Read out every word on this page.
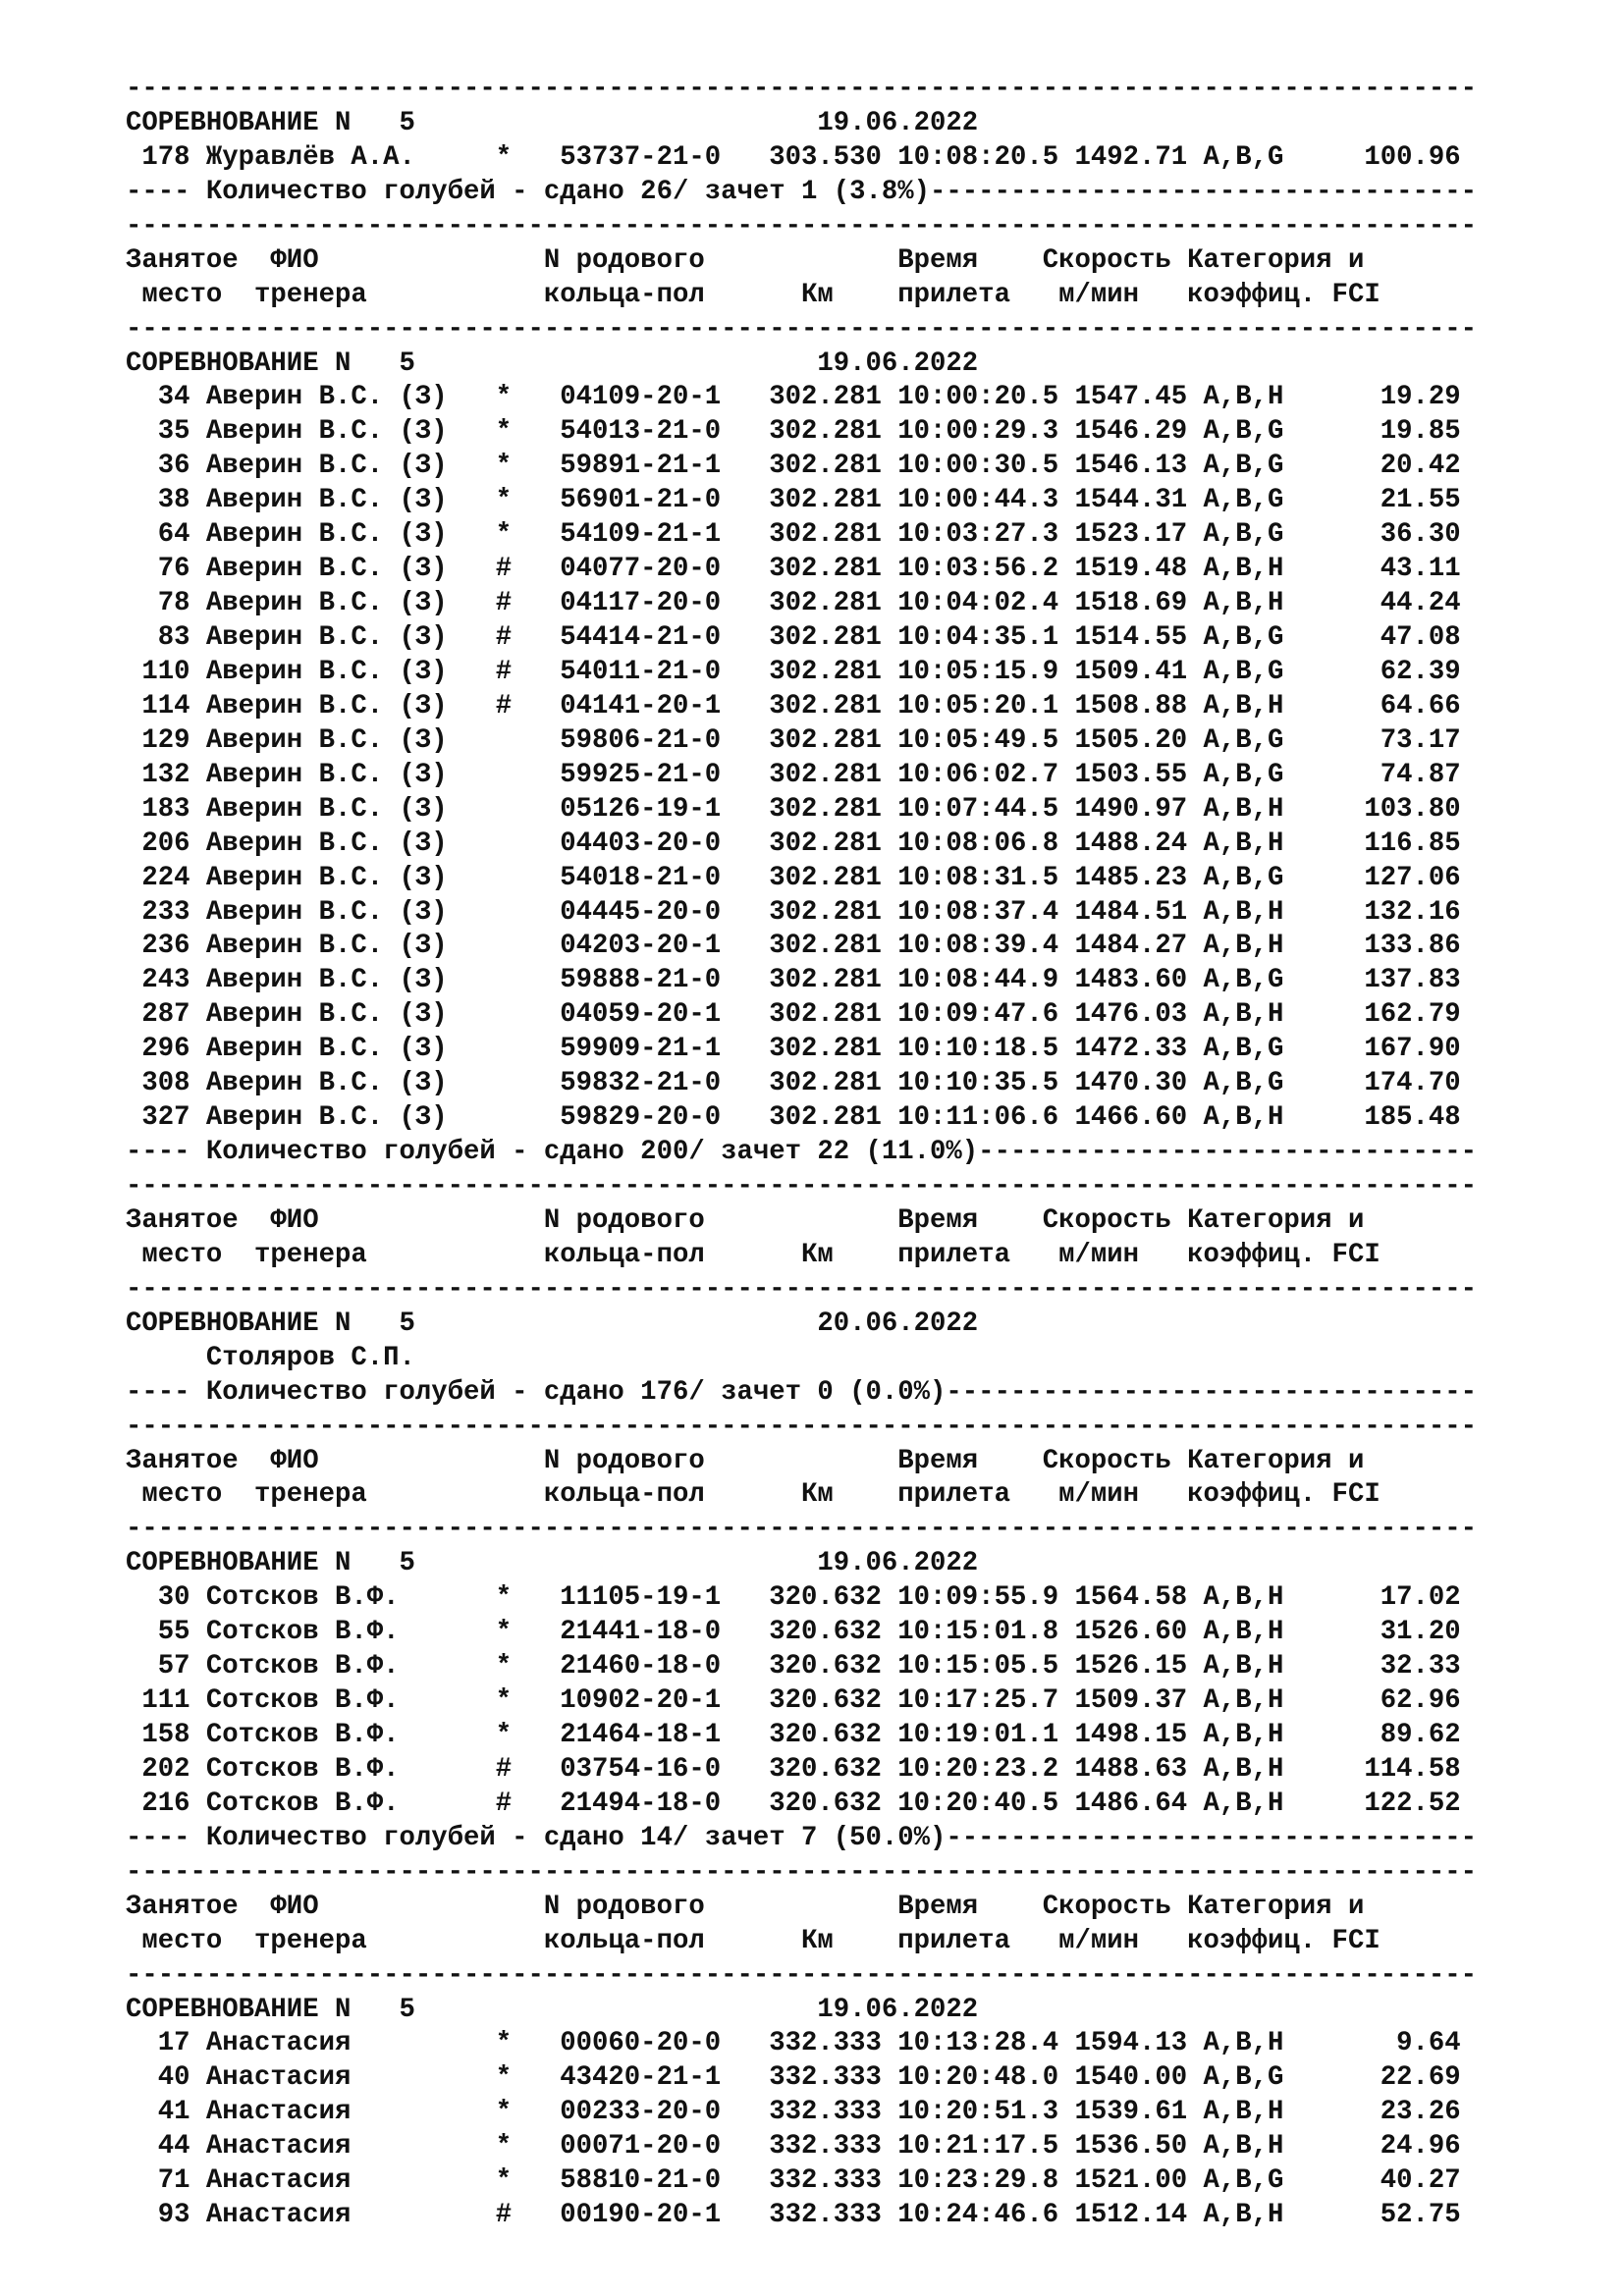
------------------------------------------------------------------------------------
СОРЕВНОВАНИЕ N   5                         19.06.2022
178 Журавлёв А.А.     *   53737-21-0   303.530 10:08:20.5 1492.71 A,B,G     100.96
---- Количество голубей - сдано 26/ зачет 1 (3.8%)----------------------------------
------------------------------------------------------------------------------------
Занятое  ФИО              N родового            Время    Скорость Категория и
место  тренера           кольца-пол      Км    прилета   м/мин   коэффиц. FCI
------------------------------------------------------------------------------------
СОРЕВНОВАНИЕ N   5                         19.06.2022
34 Аверин В.С. (З)   *   04109-20-1   302.281 10:00:20.5 1547.45 A,B,H      19.29
35 Аверин В.С. (З)   *   54013-21-0   302.281 10:00:29.3 1546.29 A,B,G      19.85
36 Аверин В.С. (З)   *   59891-21-1   302.281 10:00:30.5 1546.13 A,B,G      20.42
38 Аверин В.С. (З)   *   56901-21-0   302.281 10:00:44.3 1544.31 A,B,G      21.55
64 Аверин В.С. (З)   *   54109-21-1   302.281 10:03:27.3 1523.17 A,B,G      36.30
76 Аверин В.С. (З)   #   04077-20-0   302.281 10:03:56.2 1519.48 A,B,H      43.11
78 Аверин В.С. (З)   #   04117-20-0   302.281 10:04:02.4 1518.69 A,B,H      44.24
83 Аверин В.С. (З)   #   54414-21-0   302.281 10:04:35.1 1514.55 A,B,G      47.08
110 Аверин В.С. (З)   #   54011-21-0   302.281 10:05:15.9 1509.41 A,B,G      62.39
114 Аверин В.С. (З)   #   04141-20-1   302.281 10:05:20.1 1508.88 A,B,H      64.66
129 Аверин В.С. (З)       59806-21-0   302.281 10:05:49.5 1505.20 A,B,G      73.17
132 Аверин В.С. (З)       59925-21-0   302.281 10:06:02.7 1503.55 A,B,G      74.87
183 Аверин В.С. (З)       05126-19-1   302.281 10:07:44.5 1490.97 A,B,H     103.80
206 Аверин В.С. (З)       04403-20-0   302.281 10:08:06.8 1488.24 A,B,H     116.85
224 Аверин В.С. (З)       54018-21-0   302.281 10:08:31.5 1485.23 A,B,G     127.06
233 Аверин В.С. (З)       04445-20-0   302.281 10:08:37.4 1484.51 A,B,H     132.16
236 Аверин В.С. (З)       04203-20-1   302.281 10:08:39.4 1484.27 A,B,H     133.86
243 Аверин В.С. (З)       59888-21-0   302.281 10:08:44.9 1483.60 A,B,G     137.83
287 Аверин В.С. (З)       04059-20-1   302.281 10:09:47.6 1476.03 A,B,H     162.79
296 Аверин В.С. (З)       59909-21-1   302.281 10:10:18.5 1472.33 A,B,G     167.90
308 Аверин В.С. (З)       59832-21-0   302.281 10:10:35.5 1470.30 A,B,G     174.70
327 Аверин В.С. (З)       59829-20-0   302.281 10:11:06.6 1466.60 A,B,H     185.48
---- Количество голубей - сдано 200/ зачет 22 (11.0%)-------------------------------
------------------------------------------------------------------------------------
Занятое  ФИО              N родового            Время    Скорость Категория и
место  тренера           кольца-пол      Км    прилета   м/мин   коэффиц. FCI
------------------------------------------------------------------------------------
СОРЕВНОВАНИЕ N   5                         20.06.2022
Столяров С.П.
---- Количество голубей - сдано 176/ зачет 0 (0.0%)---------------------------------
------------------------------------------------------------------------------------
Занятое  ФИО              N родового            Время    Скорость Категория и
место  тренера           кольца-пол      Км    прилета   м/мин   коэффиц. FCI
------------------------------------------------------------------------------------
СОРЕВНОВАНИЕ N   5                         19.06.2022
30 Сотсков В.Ф.      *   11105-19-1   320.632 10:09:55.9 1564.58 A,B,H      17.02
55 Сотсков В.Ф.      *   21441-18-0   320.632 10:15:01.8 1526.60 A,B,H      31.20
57 Сотсков В.Ф.      *   21460-18-0   320.632 10:15:05.5 1526.15 A,B,H      32.33
111 Сотсков В.Ф.      *   10902-20-1   320.632 10:17:25.7 1509.37 A,B,H      62.96
158 Сотсков В.Ф.      *   21464-18-1   320.632 10:19:01.1 1498.15 A,B,H      89.62
202 Сотсков В.Ф.      #   03754-16-0   320.632 10:20:23.2 1488.63 A,B,H     114.58
216 Сотсков В.Ф.      #   21494-18-0   320.632 10:20:40.5 1486.64 A,B,H     122.52
---- Количество голубей - сдано 14/ зачет 7 (50.0%)---------------------------------
------------------------------------------------------------------------------------
Занятое  ФИО              N родового            Время    Скорость Категория и
место  тренера           кольца-пол      Км    прилета   м/мин   коэффиц. FCI
------------------------------------------------------------------------------------
СОРЕВНОВАНИЕ N   5                         19.06.2022
17 Анастасия         *   00060-20-0   332.333 10:13:28.4 1594.13 A,B,H       9.64
40 Анастасия         *   43420-21-1   332.333 10:20:48.0 1540.00 A,B,G      22.69
41 Анастасия         *   00233-20-0   332.333 10:20:51.3 1539.61 A,B,H      23.26
44 Анастасия         *   00071-20-0   332.333 10:21:17.5 1536.50 A,B,H      24.96
71 Анастасия         *   58810-21-0   332.333 10:23:29.8 1521.00 A,B,G      40.27
93 Анастасия         #   00190-20-1   332.333 10:24:46.6 1512.14 A,B,H      52.75
